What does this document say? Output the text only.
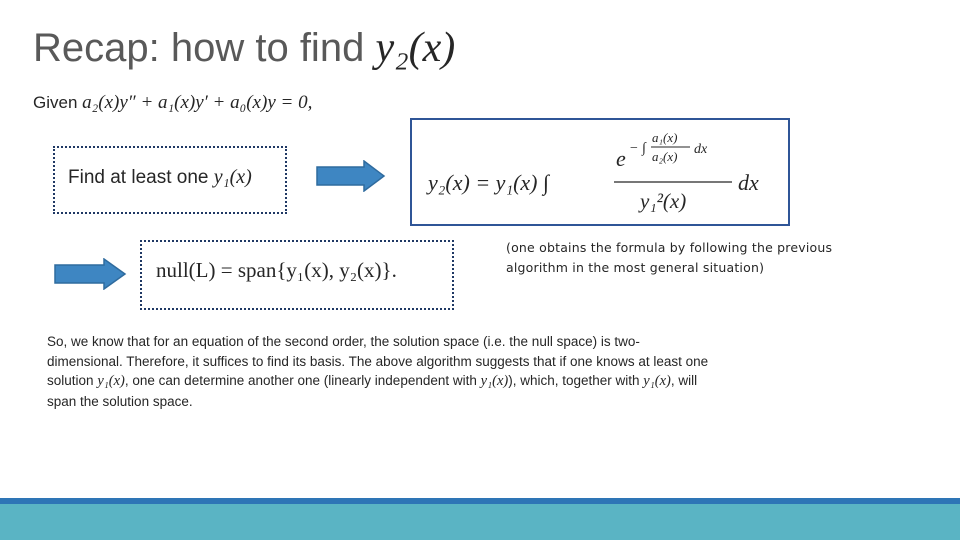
Recap: how to find y₂(x)
Given a₂(x)y″ + a₁(x)y′ + a₀(x)y = 0,
Find at least one y₁(x)	y₂(x) = y₁(x) ∫
e − ∫
a₁(x)
a₂(x) dx
y₁²(x)
dx
null(L) = span{y₁(x), y₂(x)}.
(one obtains the formula by following the previous algorithm in the most general situation)
So, we know that for an equation of the second order, the solution space (i.e. the null space) is two-dimensional. Therefore, it suffices to find its basis. The above algorithm suggests that if one knows at least one solution y₁(x), one can determine another one (linearly independent with y₁(x)), which, together with y₁(x), will span the solution space.
